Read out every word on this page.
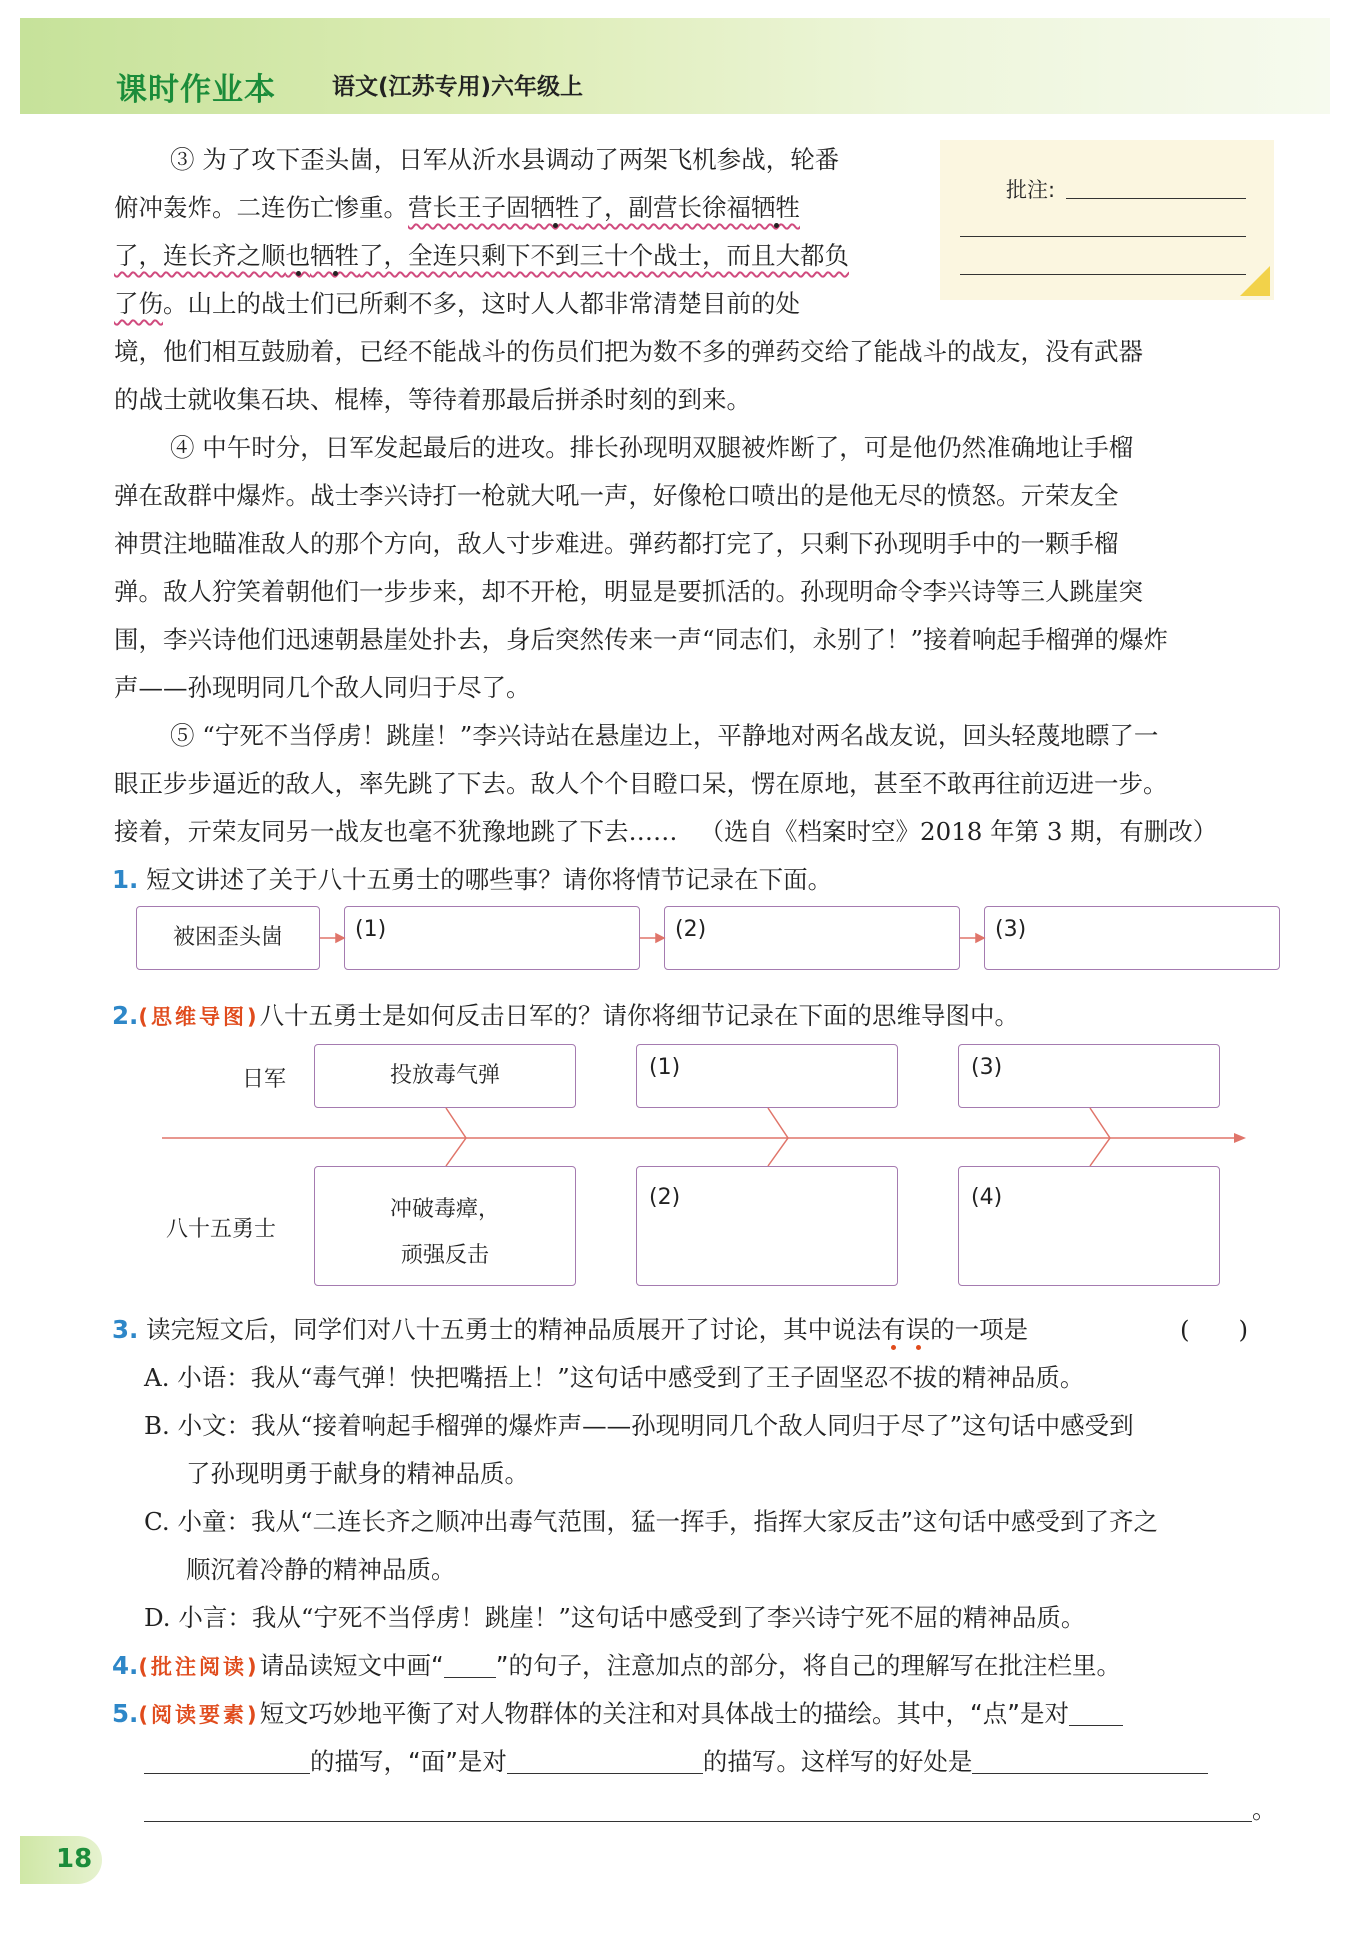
课时作业本 语文(江苏专用)六年级上
批注:
③ 为了攻下歪头崮，日军从沂水县调动了两架飞机参战，轮番
俯冲轰炸。二连伤亡惨重。营长王子固牺牲了，副营长徐福牺牲
了，连长齐之顺也牺牲了，全连只剩下不到三十个战士，而且大都负
了伤。山上的战士们已所剩不多，这时人人都非常清楚目前的处
境，他们相互鼓励着，已经不能战斗的伤员们把为数不多的弹药交给了能战斗的战友，没有武器
的战士就收集石块、棍棒，等待着那最后拼杀时刻的到来。
④ 中午时分，日军发起最后的进攻。排长孙现明双腿被炸断了，可是他仍然准确地让手榴
弹在敌群中爆炸。战士李兴诗打一枪就大吼一声，好像枪口喷出的是他无尽的愤怒。亓荣友全
神贯注地瞄准敌人的那个方向，敌人寸步难进。弹药都打完了，只剩下孙现明手中的一颗手榴
弹。敌人狞笑着朝他们一步步来，却不开枪，明显是要抓活的。孙现明命令李兴诗等三人跳崖突
围，李兴诗他们迅速朝悬崖处扑去，身后突然传来一声“同志们，永别了！”接着响起手榴弹的爆炸
声——孙现明同几个敌人同归于尽了。
⑤ “宁死不当俘虏！跳崖！”李兴诗站在悬崖边上，平静地对两名战友说，回头轻蔑地瞟了一
眼正步步逼近的敌人，率先跳了下去。敌人个个目瞪口呆，愣在原地，甚至不敢再往前迈进一步。
接着，亓荣友同另一战友也毫不犹豫地跳了下去…… （选自《档案时空》2018 年第 3 期，有删改）
1. 短文讲述了关于八十五勇士的哪些事？请你将情节记录在下面。
被困歪头崮	(1)	(2)	(3)
2.(思维导图)八十五勇士是如何反击日军的？请你将细节记录在下面的思维导图中。
日军
八十五勇士
投放毒气弹	(1)	(3)
冲破毒瘴，
顽强反击
(2)	(4)
3. 读完短文后，同学们对八十五勇士的精神品质展开了讨论，其中说法有误的一项是	(　　)
A. 小语：我从“毒气弹！快把嘴捂上！”这句话中感受到了王子固坚忍不拔的精神品质。
B. 小文：我从“接着响起手榴弹的爆炸声——孙现明同几个敌人同归于尽了”这句话中感受到
了孙现明勇于献身的精神品质。
C. 小童：我从“二连长齐之顺冲出毒气范围，猛一挥手，指挥大家反击”这句话中感受到了齐之
顺沉着冷静的精神品质。
D. 小言：我从“宁死不当俘虏！跳崖！”这句话中感受到了李兴诗宁死不屈的精神品质。
4.(批注阅读)请品读短文中画“ ”的句子，注意加点的部分，将自己的理解写在批注栏里。
5.(阅读要素)短文巧妙地平衡了对人物群体的关注和对具体战士的描绘。其中，“点”是对
的描写，“面”是对	的描写。这样写的好处是
。
18
